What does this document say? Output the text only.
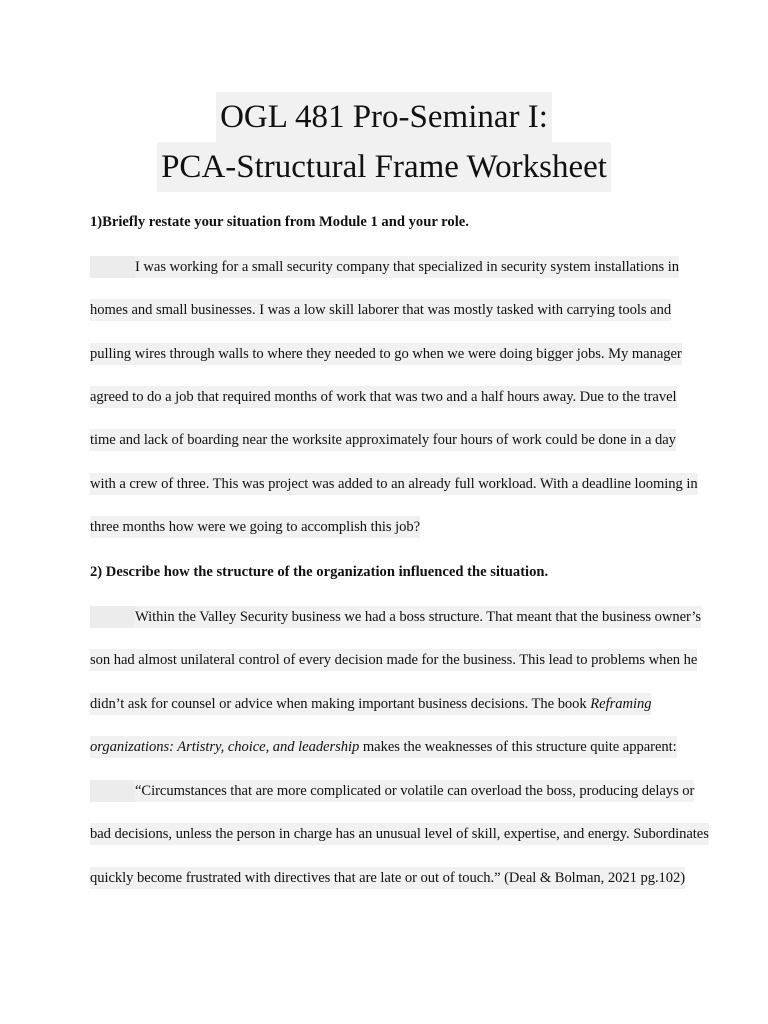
OGL 481 Pro-Seminar I:
PCA-Structural Frame Worksheet
1)Briefly restate your situation from Module 1 and your role.
I was working for a small security company that specialized in security system installations in
homes and small businesses. I was a low skill laborer that was mostly tasked with carrying tools and
pulling wires through walls to where they needed to go when we were doing bigger jobs. My manager
agreed to do a job that required months of work that was two and a half hours away. Due to the travel
time and lack of boarding near the worksite approximately four hours of work could be done in a day
with a crew of three. This was project was added to an already full workload. With a deadline looming in
three months how were we going to accomplish this job?
2) Describe how the structure of the organization influenced the situation.
Within the Valley Security business we had a boss structure. That meant that the business owner’s
son had almost unilateral control of every decision made for the business. This lead to problems when he
didn’t ask for counsel or advice when making important business decisions. The book Reframing
organizations: Artistry, choice, and leadership makes the weaknesses of this structure quite apparent:
“Circumstances that are more complicated or volatile can overload the boss, producing delays or
bad decisions, unless the person in charge has an unusual level of skill, expertise, and energy. Subordinates
quickly become frustrated with directives that are late or out of touch.” (Deal & Bolman, 2021 pg.102)
